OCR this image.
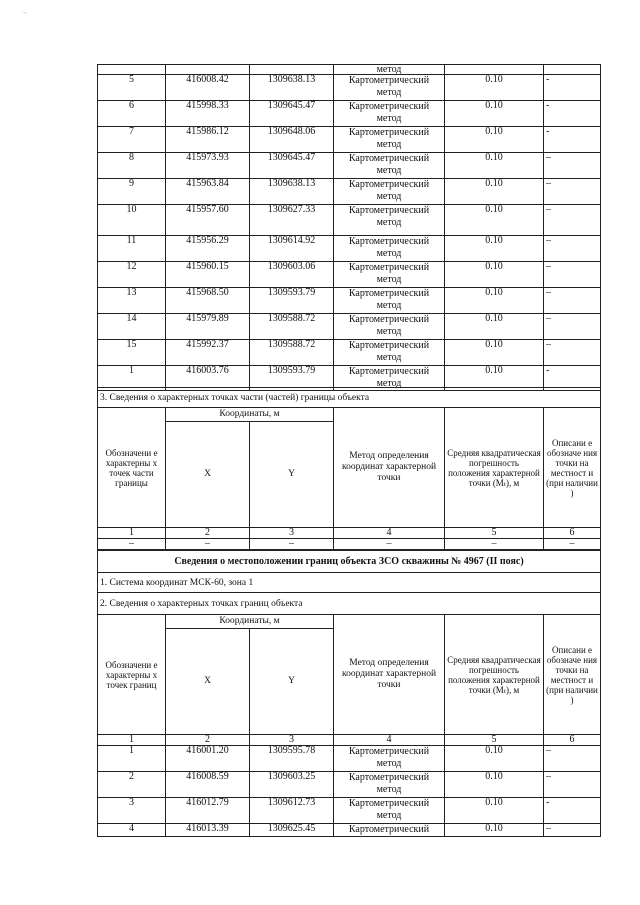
·-.
			метод		
5	416008.42	1309638.13	Картометрический метод	0.10	-
6	415998.33	1309645.47	Картометрический метод	0.10	-
7	415986.12	1309648.06	Картометрический метод	0.10	-
8	415973.93	1309645.47	Картометрический метод	0.10	–
9	415963.84	1309638.13	Картометрический метод	0.10	–
10	415957.60	1309627.33	Картометрический метод	0.10	–
11	415956.29	1309614.92	Картометрический метод	0.10	–
12	415960.15	1309603.06	Картометрический метод	0.10	–
13	415968.50	1309593.79	Картометрический метод	0.10	–
14	415979.89	1309588.72	Картометрический метод	0.10	–
15	415992.37	1309588.72	Картометрический метод	0.10	–
1	416003.76	1309593.79	Картометрический метод	0.10	-
3. Сведения о характерных точках части (частей) границы объекта					
Обозначени е характерны х точек части границы	Координаты, м		Метод определения координат характерной точки	Средняя квадратическая погрешность положения характерной точки (Mₜ), м	Описани е обозначе ния точки на местност и (при наличии )
	X	Y			
1	2	3	4	5	6
–	–	–	–	–	–
Сведения о местоположении границ объекта ЗСО скважины № 4967 (II пояс)					
1. Система координат МСК-60, зона 1					
2. Сведения о характерных точках границ объекта					
Обозначени е характерны х точек границ	Координаты, м		Метод определения координат характерной точки	Средняя квадратическая погрешность положения характерной точки (Mₜ), м	Описани е обозначе ния точки на местност и (при наличии )
	X	Y			
1	2	3	4	5	6
1	416001.20	1309595.78	Картометрический метод	0.10	–
2	416008.59	1309603.25	Картометрический метод	0.10	–
3	416012.79	1309612.73	Картометрический метод	0.10	-
4	416013.39	1309625.45	Картометрический	0.10	–
